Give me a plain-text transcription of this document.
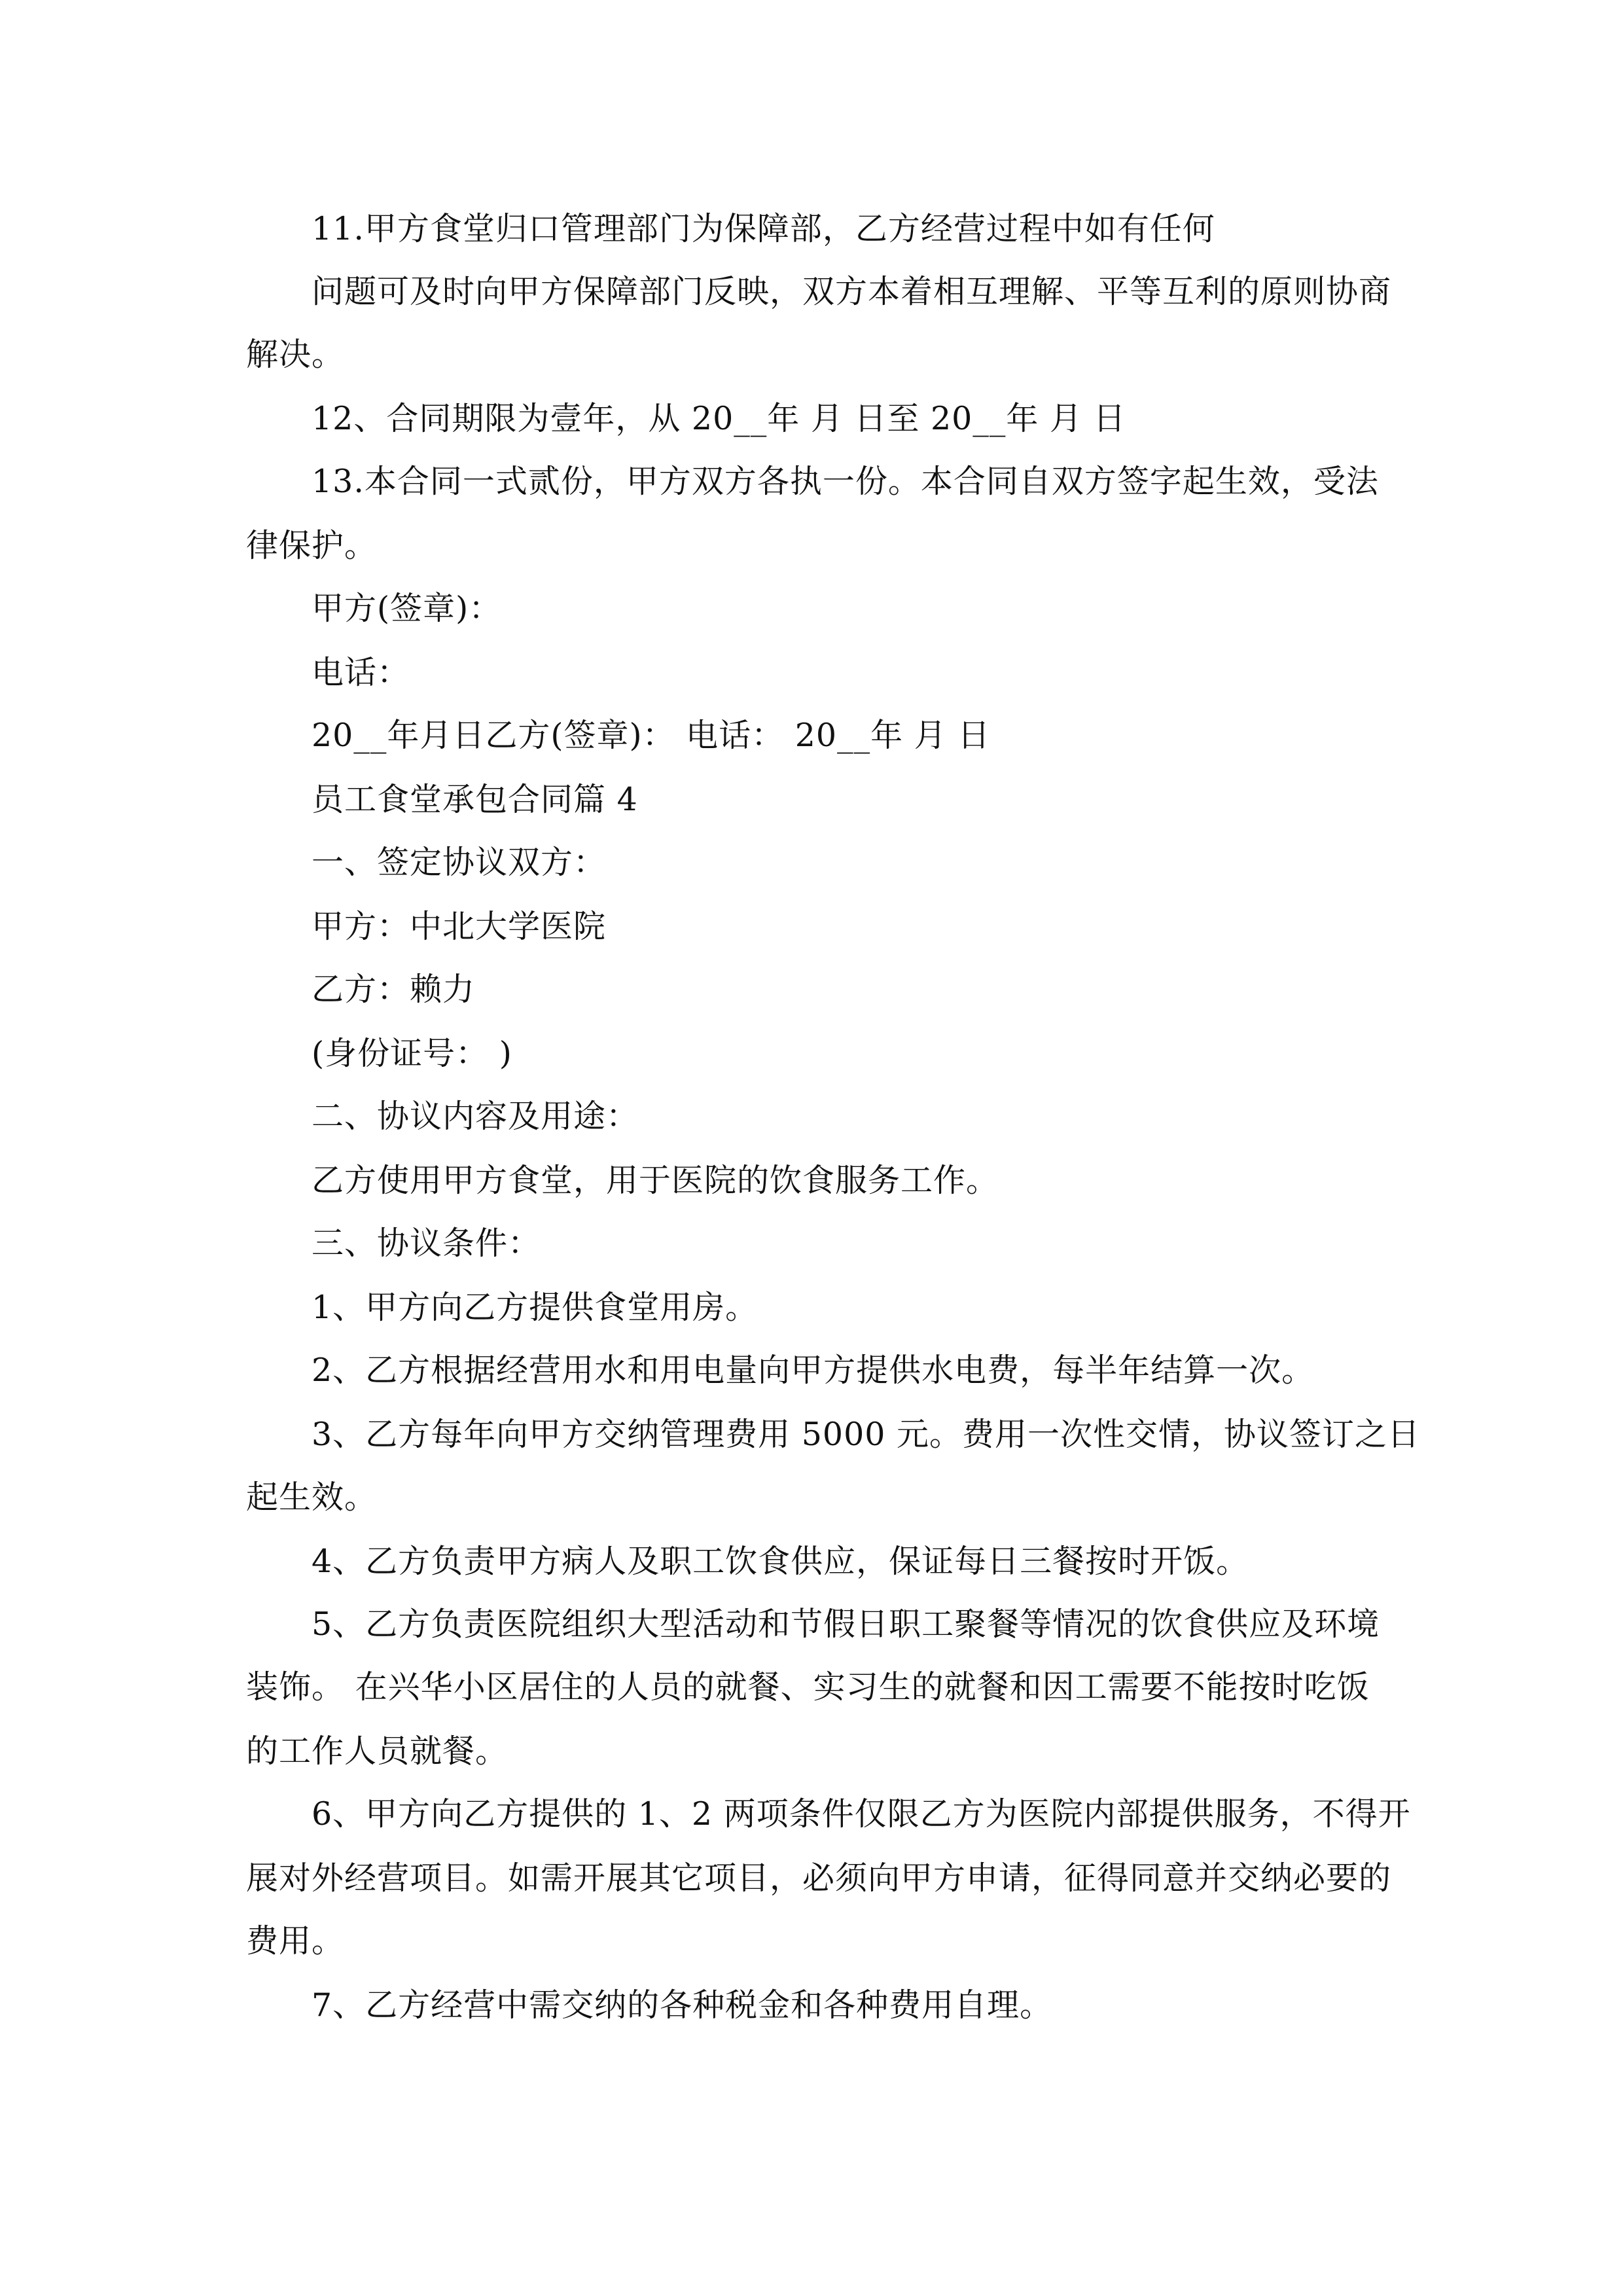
11.甲方食堂归口管理部门为保障部，乙方经营过程中如有任何
问题可及时向甲方保障部门反映，双方本着相互理解、平等互利的原则协商
解决。
12、合同期限为壹年，从 20__年 月 日至 20__年 月 日
13.本合同一式贰份，甲方双方各执一份。本合同自双方签字起生效，受法
律保护。
甲方(签章)：
电话：
20__年月日乙方(签章)： 电话： 20__年 月 日
员工食堂承包合同篇 4
一、签定协议双方：
甲方：中北大学医院
乙方：赖力
(身份证号： )
二、协议内容及用途：
乙方使用甲方食堂，用于医院的饮食服务工作。
三、协议条件：
1、甲方向乙方提供食堂用房。
2、乙方根据经营用水和用电量向甲方提供水电费，每半年结算一次。
3、乙方每年向甲方交纳管理费用 5000 元。费用一次性交情，协议签订之日
起生效。
4、乙方负责甲方病人及职工饮食供应，保证每日三餐按时开饭。
5、乙方负责医院组织大型活动和节假日职工聚餐等情况的饮食供应及环境
装饰。 在兴华小区居住的人员的就餐、实习生的就餐和因工需要不能按时吃饭
的工作人员就餐。
6、甲方向乙方提供的 1、2 两项条件仅限乙方为医院内部提供服务，不得开
展对外经营项目。如需开展其它项目，必须向甲方申请，征得同意并交纳必要的
费用。
7、乙方经营中需交纳的各种税金和各种费用自理。
